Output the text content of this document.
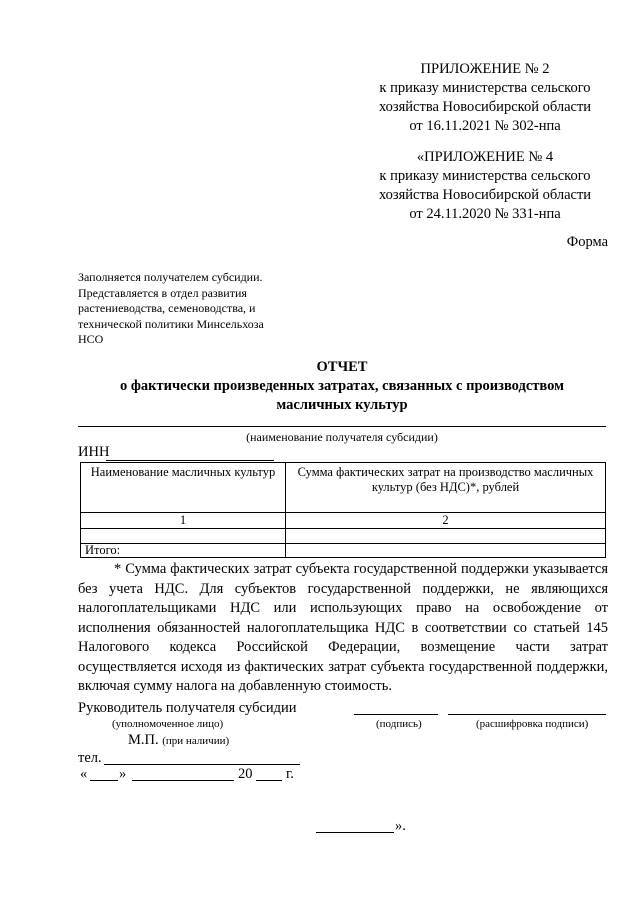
ПРИЛОЖЕНИЕ № 2
к приказу министерства сельского
хозяйства Новосибирской области
от 16.11.2021 № 302-нпа
«ПРИЛОЖЕНИЕ № 4
к приказу министерства сельского
хозяйства Новосибирской области
от 24.11.2020 № 331-нпа
Форма
Заполняется получателем субсидии.
Представляется в отдел развития
растениеводства, семеноводства, и
технической политики Минсельхоза
НСО
ОТЧЕТ
о фактически произведенных затратах, связанных с производством
масличных культур
(наименование получателя субсидии)
ИНН
Наименование масличных культур	Сумма фактических затрат на производство масличных культур (без НДС)*, рублей
1	2

Итого:	

* Сумма фактических затрат субъекта государственной поддержки указывается без учета НДС. Для субъектов государственной поддержки, не являющихся налогоплательщиками НДС или использующих право на освобождение от исполнения обязанностей налогоплательщика НДС в соответствии со статьей 145 Налогового кодекса Российской Федерации, возмещение части затрат осуществляется исходя из фактических затрат субъекта государственной поддержки, включая сумму налога на добавленную стоимость.

Руководитель получателя субсидии
(уполномоченное лицо)	(подпись)	(расшифровка подписи)
М.П. (при наличии)
тел.
« »	20 г.
».
